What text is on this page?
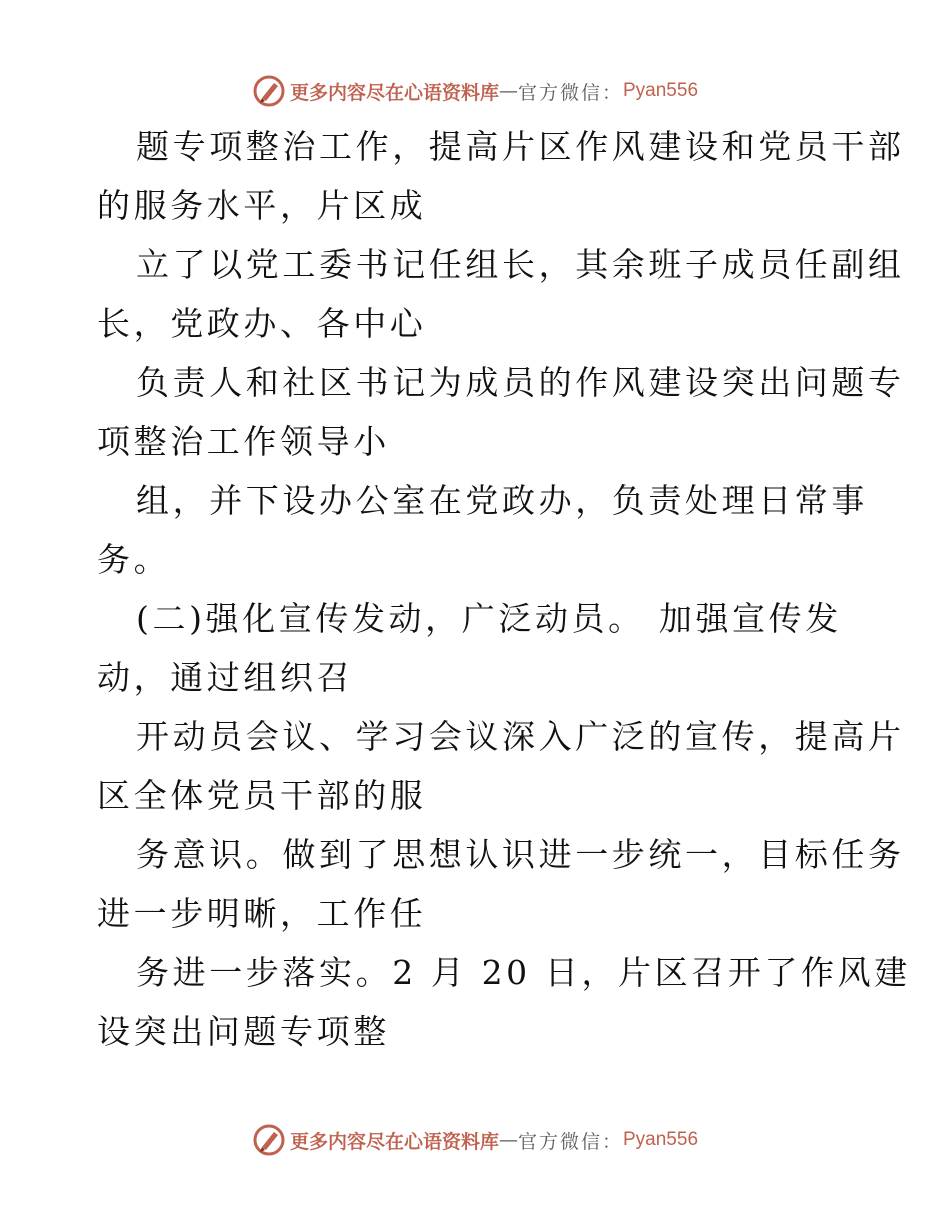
更多内容尽在心语资料库 — 官方微信： Pyan556
题专项整治工作，提高片区作风建设和党员干部
的服务水平，片区成
立了以党工委书记任组长，其余班子成员任副组
长，党政办、各中心
负责人和社区书记为成员的作风建设突出问题专
项整治工作领导小
组，并下设办公室在党政办，负责处理日常事
务。
(二)强化宣传发动，广泛动员。 加强宣传发
动，通过组织召
开动员会议、学习会议深入广泛的宣传，提高片
区全体党员干部的服
务意识。做到了思想认识进一步统一，目标任务
进一步明晰，工作任
务进一步落实。2 月 20 日，片区召开了作风建
设突出问题专项整
更多内容尽在心语资料库 — 官方微信： Pyan556
